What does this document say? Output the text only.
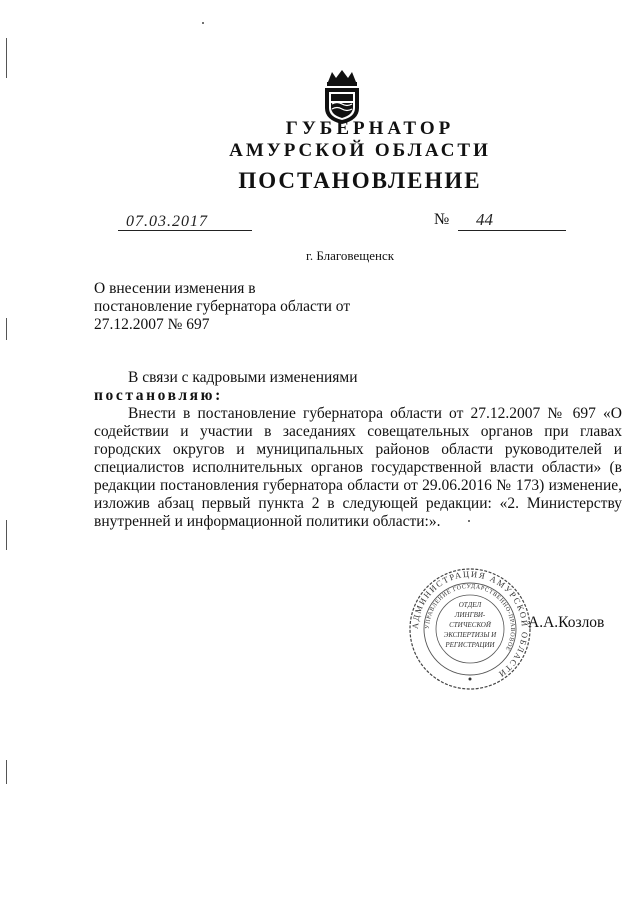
ГУБЕРНАТОР
АМУРСКОЙ ОБЛАСТИ
ПОСТАНОВЛЕНИЕ
07.03.2017	№ 44
г. Благовещенск
О внесении изменения в постановление губернатора области от 27.12.2007 № 697
В связи с кадровыми изменениями
постановляю:
Внести в постановление губернатора области от 27.12.2007 № 697 «О содействии и участии в заседаниях совещательных органов при главах городских округов и муниципальных районов области руководителей и специалистов исполнительных органов государственной власти области» (в редакции постановления губернатора области от 29.06.2016 № 173) изменение, изложив абзац первый пункта 2 в следующей редакции: «2. Министерству внутренней и информационной политики области:».
АДМИНИСТРАЦИЯ АМУРСКОЙ ОБЛАСТИ
УПРАВЛЕНИЕ ГОСУДАРСТВЕННО-ПРАВОВОЕ
ОТДЕЛ
ЛИНГВИ-
СТИЧЕСКОЙ
ЭКСПЕРТИЗЫ И
РЕГИСТРАЦИИ
А.А.Козлов
